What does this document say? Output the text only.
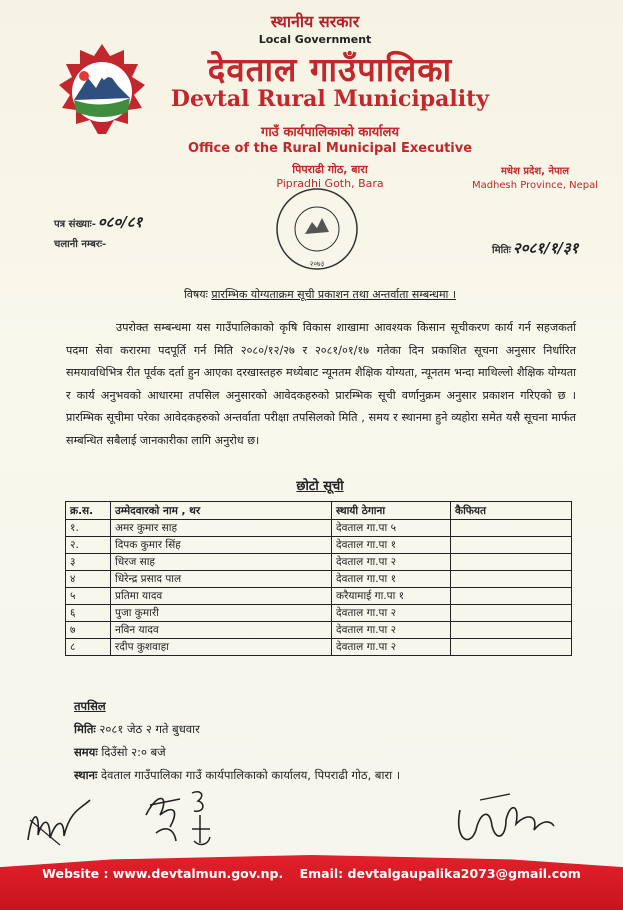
स्थानीय सरकार
Local Government
देवताल गाउँपालिका
Devtal Rural Municipality
गाउँ कार्यपालिकाको कार्यालय
Office of the Rural Municipal Executive
पिपराढी गोठ, बारा
Pipradhi Goth, Bara
मधेश प्रदेश, नेपाल
Madhesh Province, Nepal
२०७३
पत्र संख्याः- ०८०/८१
चलानी नम्बरः-
मितिः २०८१/१/३१
विषयः प्रारम्भिक योग्यताक्रम सूची प्रकाशन तथा अन्तर्वाता सम्बन्धमा ।
उपरोक्त सम्बन्धमा यस गाउँपालिकाको कृषि विकास शाखामा आवश्यक किसान सूचीकरण कार्य गर्न सहजकर्ता पदमा सेवा करारमा पदपूर्ति गर्न मिति २०८०/१२/२७ र २०८१/०१/१७ गतेका दिन प्रकाशित सूचना अनुसार निर्धारित समयावधिभित्र रीत पूर्वक दर्ता हुन आएका दरखास्तहरु मध्येबाट न्यूनतम शैक्षिक योग्यता, न्यूनतम भन्दा माथिल्लो शैक्षिक योग्यता र कार्य अनुभवको आधारमा तपसिल अनुसारको आवेदकहरुको प्रारम्भिक सूची वर्णानुक्रम अनुसार प्रकाशन गरिएको छ । प्रारम्भिक सूचीमा परेका आवेदकहरुको अन्तर्वाता परीक्षा तपसिलको मिति , समय र स्थानमा हुने व्यहोरा समेत यसै सूचना मार्फत सम्बन्धित सबैलाई जानकारीका लागि अनुरोध छ।
छोटो सूची
क्र.स.	उम्मेदवारको नाम , थर	स्थायी ठेगाना	कैफियत
१.	अमर कुमार साह	देवताल गा.पा ५	
२.	दिपक कुमार सिंह	देवताल गा.पा १	
३	धिरज साह	देवताल गा.पा २	
४	धिरेन्द्र प्रसाद पाल	देवताल गा.पा १	
५	प्रतिमा यादव	करैयामाई गा.पा १	
६	पुजा कुमारी	देवताल गा.पा २	
७	नविन यादव	देवताल गा.पा २	
८	रदीप कुशवाहा	देवताल गा.पा २	
तपसिल
मितिः २०८१ जेठ २ गते बुधवार
समयः दिउँसो २:० बजे
स्थानः देवताल गाउँपालिका गाउँ कार्यपालिकाको कार्यालय, पिपराढी गोठ, बारा ।
Website : www.devtalmun.gov.np. Email: devtalgaupalika2073@gmail.com
